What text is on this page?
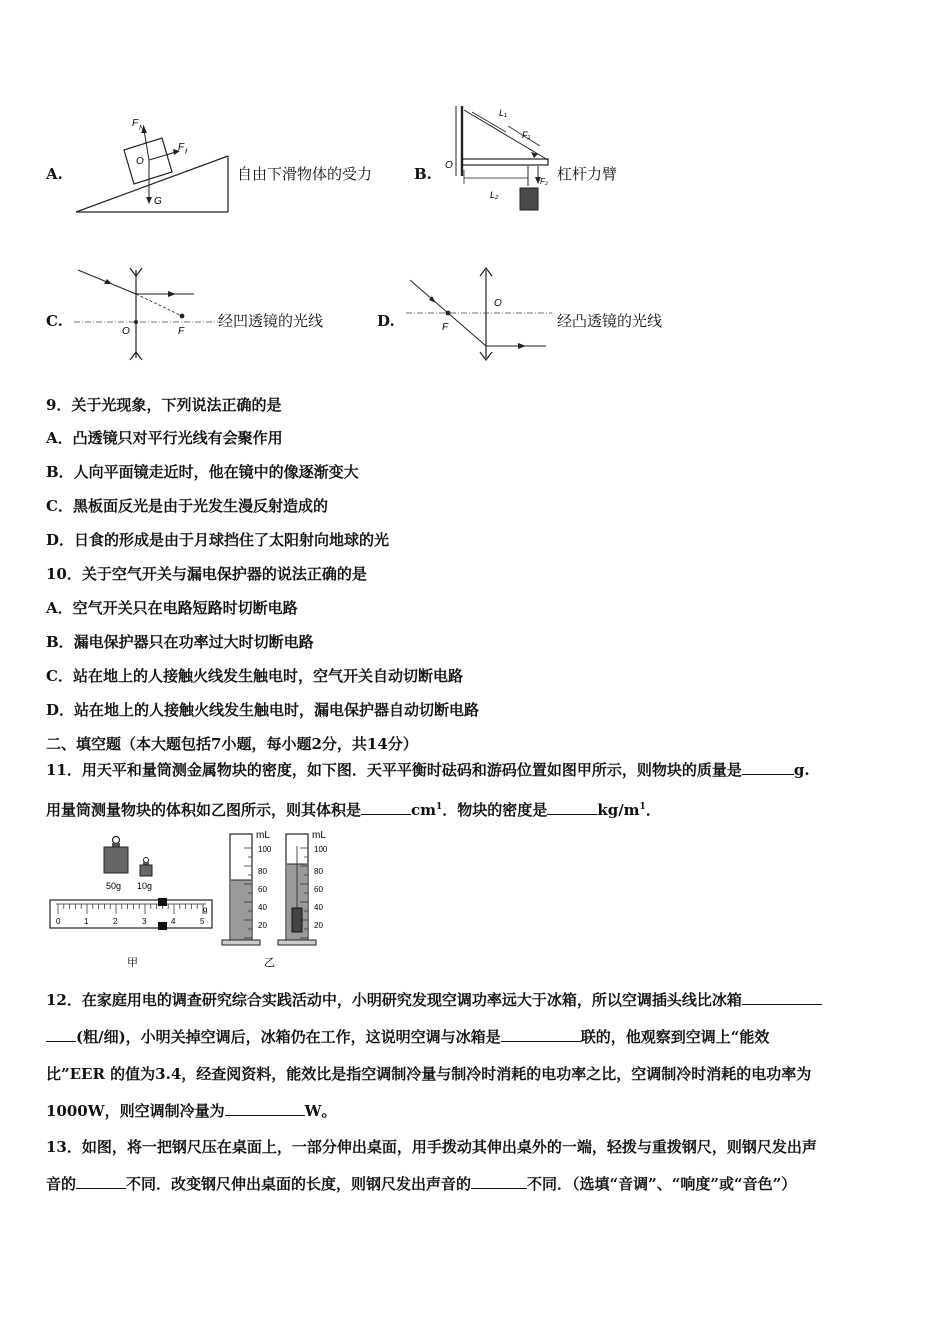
A.
F N
F f
O
G
自由下滑物体的受力	B.
L₁
F₁
O
L₂
F₂ 杠杆力臂
C.
O	F
经凹透镜的光线	D.	F
O
经凸透镜的光线
9．关于光现象，下列说法正确的是
A．凸透镜只对平行光线有会聚作用
B．人向平面镜走近时，他在镜中的像逐渐变大
C．黑板面反光是由于光发生漫反射造成的
D．日食的形成是由于月球挡住了太阳射向地球的光
10．关于空气开关与漏电保护器的说法正确的是
A．空气开关只在电路短路时切断电路
B．漏电保护器只在功率过大时切断电路
C．站在地上的人接触火线发生触电时，空气开关自动切断电路
D．站在地上的人接触火线发生触电时，漏电保护器自动切断电路
二、填空题（本大题包括7小题，每小题2分，共14分）
11．用天平和量筒测金属物块的密度，如下图．天平平衡时砝码和游码位置如图甲所示，则物块的质量是	g.
用量筒测量物块的体积如乙图所示，则其体积是	$cm^1$．物块的密度是	$kg/m^1$．
50g 10g
g
0	1	2	3	4	5
甲
mL
100
80
60
40
20
mL
100
80
60
40
20
乙
12．在家庭用电的调查研究综合实践活动中，小明研究发现空调功率远大于冰箱，所以空调插头线比冰箱
(粗/细)，小明关掉空调后，冰箱仍在工作，这说明空调与冰箱是	联的，他观察到空调上“能效
比”EER 的值为3.4，经查阅资料，能效比是指空调制冷量与制冷时消耗的电功率之比，空调制冷时消耗的电功率为
1000W，则空调制冷量为	W。
13．如图，将一把钢尺压在桌面上，一部分伸出桌面，用手拨动其伸出桌外的一端，轻拨与重拨钢尺，则钢尺发出声
音的	不同．改变钢尺伸出桌面的长度，则钢尺发出声音的	不同．（选填“音调”、“响度”或“音色”）
